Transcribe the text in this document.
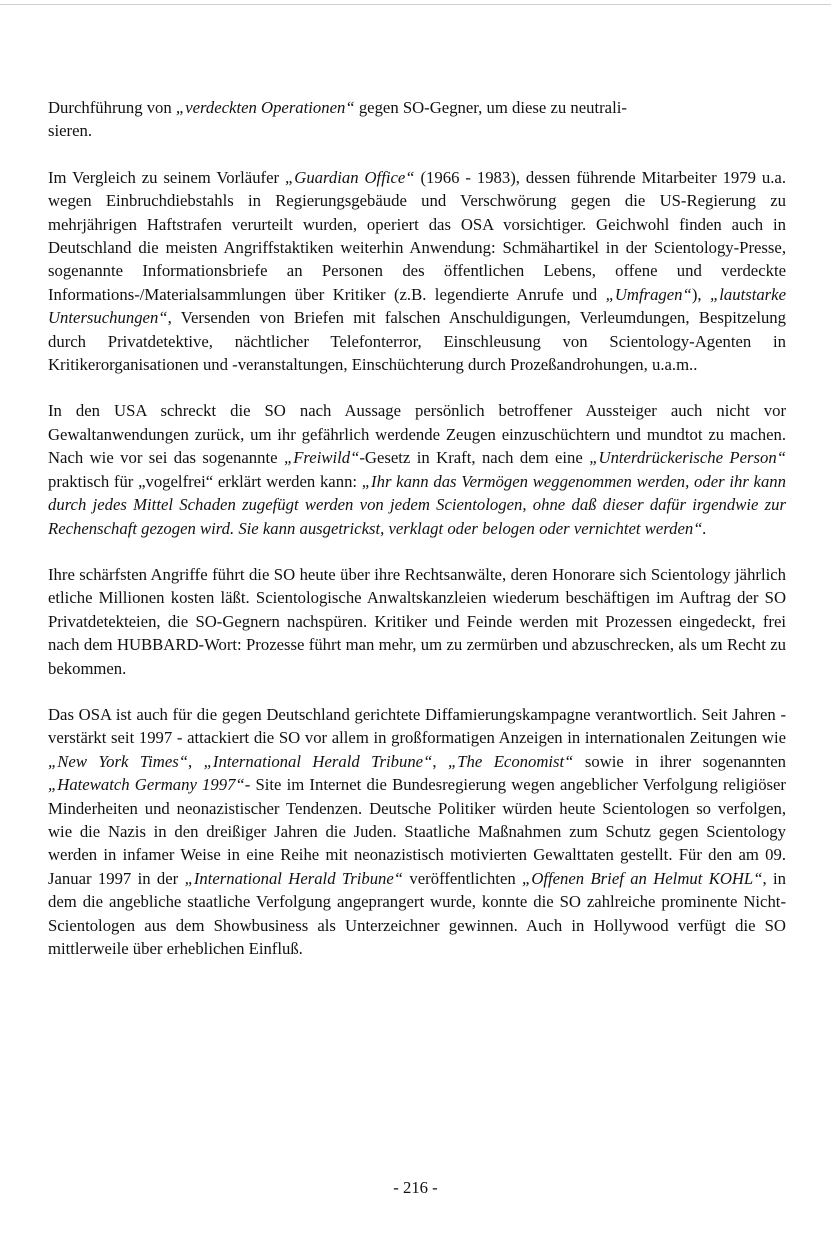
Durchführung von „verdeckten Operationen“ gegen SO-Gegner, um diese zu neutrali-
sieren.

Im Vergleich zu seinem Vorläufer „Guardian Office“ (1966 - 1983), dessen führende Mitarbeiter 1979 u.a. wegen Einbruchdiebstahls in Regierungsgebäude und Verschwörung gegen die US-Regierung zu mehrjährigen Haftstrafen verurteilt wurden, operiert das OSA vorsichtiger. Geichwohl finden auch in Deutschland die meisten Angriffstaktiken weiterhin Anwendung: Schmähartikel in der Scientology-Presse, sogenannte Informationsbriefe an Personen des öffentlichen Lebens, offene und verdeckte Informations-/Materialsammlungen über Kritiker (z.B. legendierte Anrufe und „Umfragen“), „lautstarke Untersuchungen“, Versenden von Briefen mit falschen Anschuldigungen, Verleumdungen, Bespitzelung durch Privatdetektive, nächtlicher Telefonterror, Einschleusung von Scientology-Agenten in Kritikerorganisationen und -veranstaltungen, Einschüchterung durch Prozeßandrohungen, u.a.m..

In den USA schreckt die SO nach Aussage persönlich betroffener Aussteiger auch nicht vor Gewaltanwendungen zurück, um ihr gefährlich werdende Zeugen einzuschüchtern und mundtot zu machen. Nach wie vor sei das sogenannte „Freiwild“-Gesetz in Kraft, nach dem eine „Unterdrückerische Person“ praktisch für „vogelfrei“ erklärt werden kann: „Ihr kann das Vermögen weggenommen werden, oder ihr kann durch jedes Mittel Schaden zugefügt werden von jedem Scientologen, ohne daß dieser dafür irgendwie zur Rechenschaft gezogen wird. Sie kann ausgetrickst, verklagt oder belogen oder vernichtet werden“.

Ihre schärfsten Angriffe führt die SO heute über ihre Rechtsanwälte, deren Honorare sich Scientology jährlich etliche Millionen kosten läßt. Scientologische Anwaltskanzleien wiederum beschäftigen im Auftrag der SO Privatdetekteien, die SO-Gegnern nachspüren. Kritiker und Feinde werden mit Prozessen eingedeckt, frei nach dem HUBBARD-Wort: Prozesse führt man mehr, um zu zermürben und abzuschrecken, als um Recht zu bekommen.

Das OSA ist auch für die gegen Deutschland gerichtete Diffamierungskampagne verantwortlich. Seit Jahren - verstärkt seit 1997 - attackiert die SO vor allem in großformatigen Anzeigen in internationalen Zeitungen wie „New York Times“, „International Herald Tribune“, „The Economist“ sowie in ihrer sogenannten „Hatewatch Germany 1997“- Site im Internet die Bundesregierung wegen angeblicher Verfolgung religiöser Minderheiten und neonazistischer Tendenzen. Deutsche Politiker würden heute Scientologen so verfolgen, wie die Nazis in den dreißiger Jahren die Juden. Staatliche Maßnahmen zum Schutz gegen Scientology werden in infamer Weise in eine Reihe mit neonazistisch motivierten Gewalttaten gestellt. Für den am 09. Januar 1997 in der „International Herald Tribune“ veröffentlichten „Offenen Brief an Helmut KOHL“, in dem die angebliche staatliche Verfolgung angeprangert wurde, konnte die SO zahlreiche prominente Nicht-Scientologen aus dem Showbusiness als Unterzeichner gewinnen. Auch in Hollywood verfügt die SO mittlerweile über erheblichen Einfluß.

- 216 -
